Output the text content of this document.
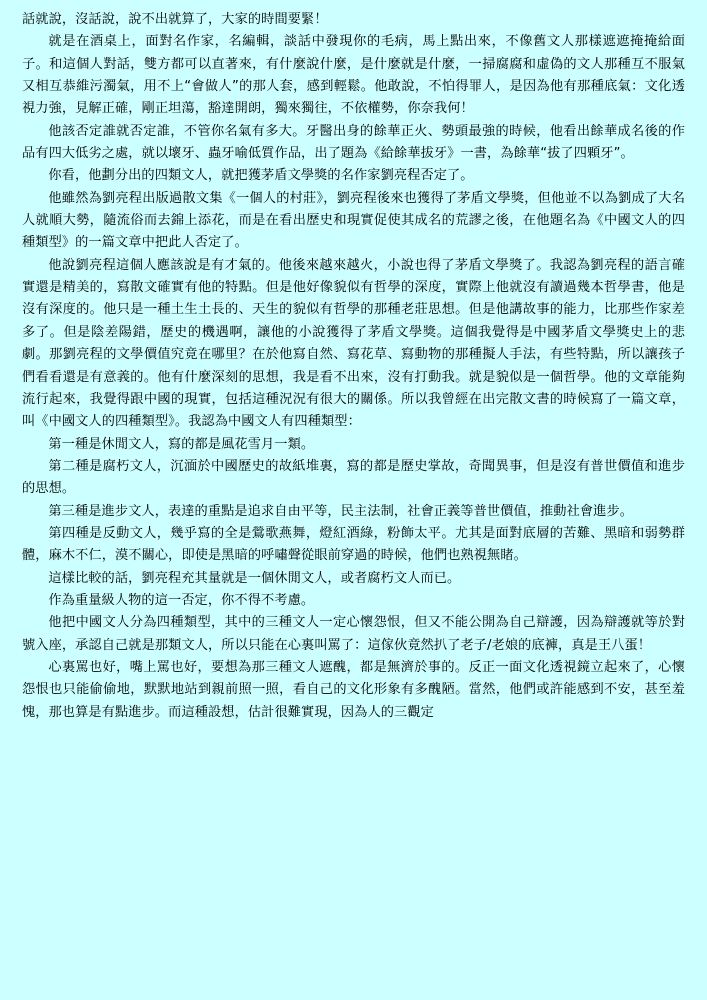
話就說，沒話說，說不出就算了，大家的時間要緊！

就是在酒桌上，面對名作家，名編輯，談話中發現你的毛病，馬上點出來，不像舊文人那樣遮遮掩掩給面子。和這個人對話，雙方都可以直著來，有什麼說什麼，是什麼就是什麼，一掃腐腐和虛偽的文人那種互不服氣又相互恭維污濁氣，用不上“會做人”的那人套，感到輕鬆。他敢說，不怕得罪人，是因為他有那種底氣：文化透視力強，見解正確，剛正坦蕩，豁達開朗，獨來獨往，不依權勢，你奈我何！

他該否定誰就否定誰，不管你名氣有多大。牙醫出身的餘華正火、勢頭最強的時候，他看出餘華成名後的作品有四大低劣之處，就以壞牙、蟲牙喻低質作品，出了題為《給餘華拔牙》一書，為餘華“拔了四顆牙”。

你看，他劃分出的四類文人，就把獲茅盾文學獎的名作家劉亮程否定了。

他雖然為劉亮程出版過散文集《一個人的村莊》，劉亮程後來也獲得了茅盾文學獎，但他並不以為劉成了大名人就順大勢，隨流俗而去錦上添花，而是在看出歷史和現實促使其成名的荒謬之後，在他題名為《中國文人的四種類型》的一篇文章中把此人否定了。

他說劉亮程這個人應該說是有才氣的。他後來越來越火，小說也得了茅盾文學獎了。我認為劉亮程的語言確實還是精美的，寫散文確實有他的特點。但是他好像貌似有哲學的深度，實際上他就沒有讀過幾本哲學書，他是沒有深度的。他只是一種土生土長的、天生的貌似有哲學的那種老莊思想。但是他講故事的能力，比那些作家差多了。但是陰差陽錯，歷史的機遇啊，讓他的小說獲得了茅盾文學獎。這個我覺得是中國茅盾文學獎史上的悲劇。那劉亮程的文學價值究竟在哪里？在於他寫自然、寫花草、寫動物的那種擬人手法，有些特點，所以讓孩子們看看還是有意義的。他有什麼深刻的思想，我是看不出來，沒有打動我。就是貌似是一個哲學。他的文章能夠流行起來，我覺得跟中國的現實，包括這種況況有很大的關係。所以我曾經在出完散文書的時候寫了一篇文章，叫《中國文人的四種類型》。我認為中國文人有四種類型：

第一種是休閒文人，寫的都是風花雪月一類。

第二種是腐朽文人，沉湎於中國歷史的故紙堆裏，寫的都是歷史掌故，奇聞異事，但是沒有普世價值和進步的思想。

第三種是進步文人，表達的重點是追求自由平等，民主法制，社會正義等普世價值，推動社會進步。

第四種是反動文人，幾乎寫的全是鶯歌燕舞，燈紅酒綠，粉飾太平。尤其是面對底層的苦難、黑暗和弱勢群體，麻木不仁，漠不關心，即使是黑暗的呼嘯聲從眼前穿過的時候，他們也熟視無睹。

這樣比較的話，劉亮程充其量就是一個休閒文人，或者腐朽文人而已。

作為重量級人物的這一否定，你不得不考慮。

他把中國文人分為四種類型，其中的三種文人一定心懷怨恨，但又不能公開為自己辯護，因為辯護就等於對號入座，承認自己就是那類文人，所以只能在心裏叫罵了：這傢伙竟然扒了老子/老娘的底褲，真是王八蛋！

心裏罵也好，嘴上罵也好，要想為那三種文人遮醜，都是無濟於事的。反正一面文化透視鏡立起來了，心懷怨恨也只能偷偷地，默默地站到親前照一照，看自己的文化形象有多醜陋。當然，他們或許能感到不安，甚至羞愧，那也算是有點進步。而這種設想，估計很難實現，因為人的三觀定
